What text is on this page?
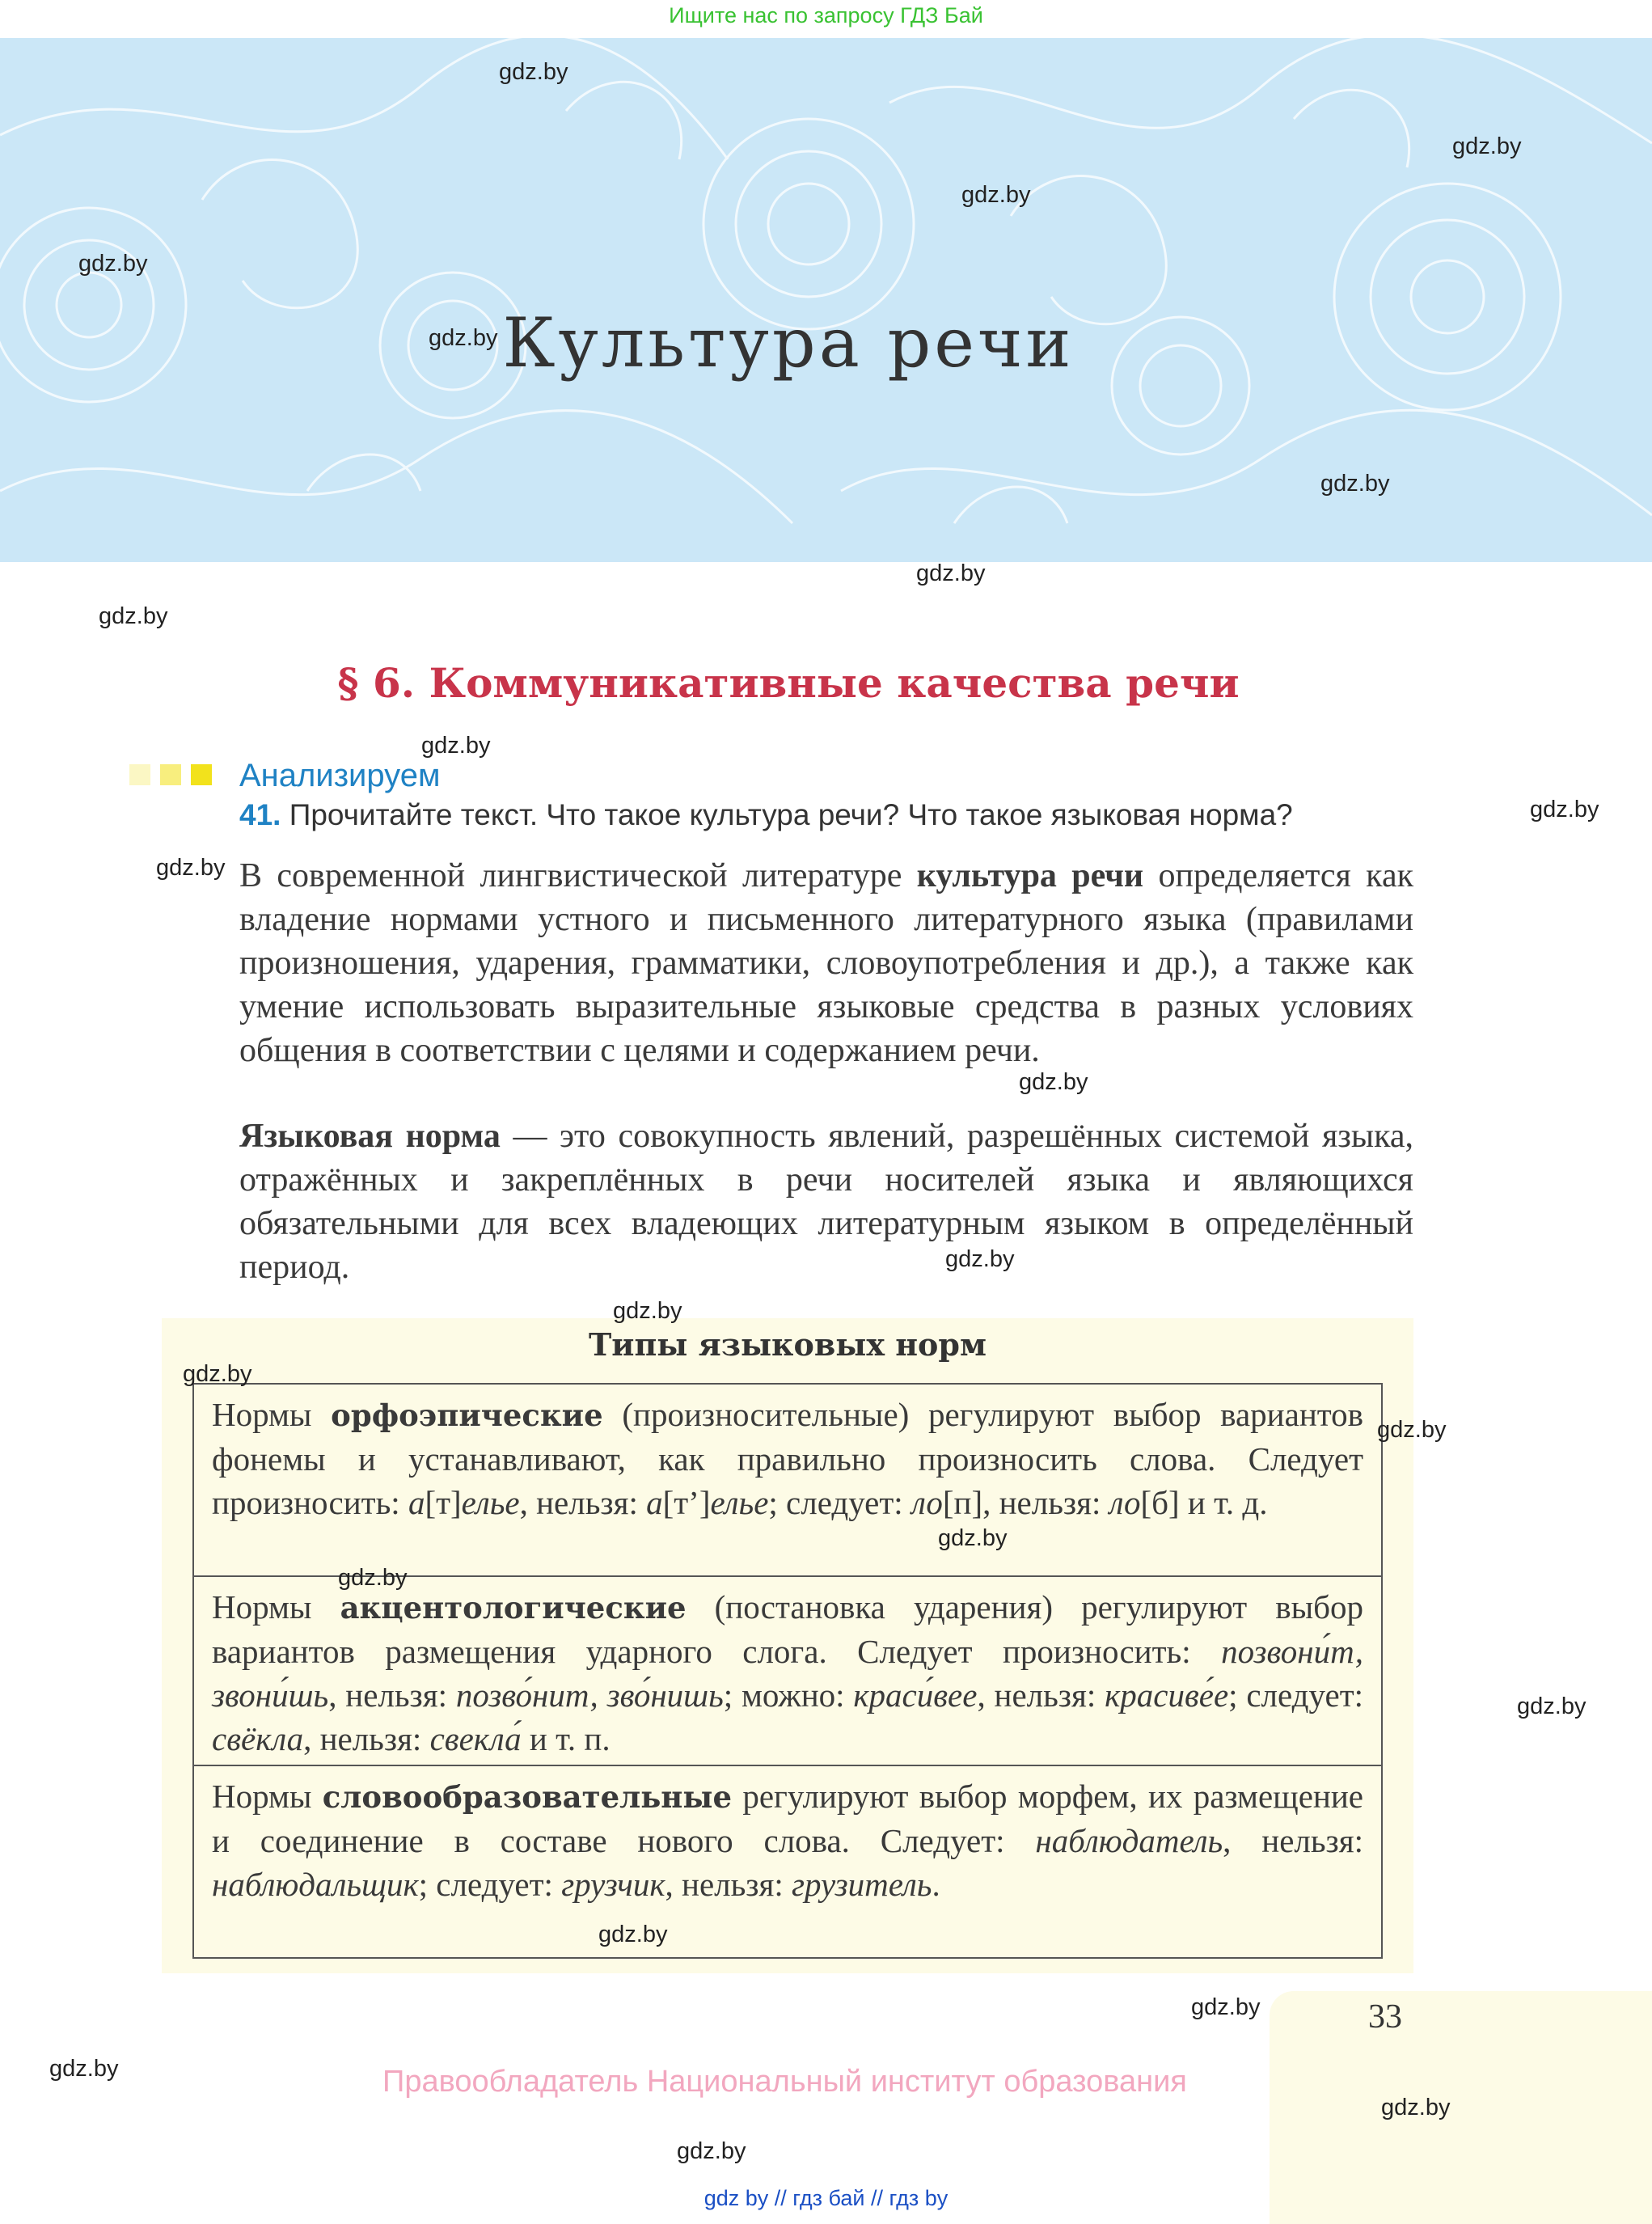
Ищите нас по запросу ГДЗ Бай
Культура речи
§ 6. Коммуникативные качества речи
Анализируем
41. Прочитайте текст. Что такое культура речи? Что такое языковая норма?
В современной лингвистической литературе культура речи определяется как владение нормами устного и письменного литературного языка (правилами произношения, ударения, грамматики, словоупотребления и др.), а также как умение использовать выразительные языковые средства в разных условиях общения в соответствии с целями и содержанием речи.
Языковая норма — это совокупность явлений, разрешённых системой языка, отражённых и закреплённых в речи носителей языка и являющихся обязательными для всех владеющих литературным языком в определённый период.
Типы языковых норм
Нормы орфоэпические (произносительные) регулируют выбор вариантов фонемы и устанавливают, как правильно произносить слова. Следует произносить: а[т]елье, нельзя: а[т’]елье; следует: ло[п], нельзя: ло[б] и т. д.
Нормы акцентологические (постановка ударения) регулируют выбор вариантов размещения ударного слога. Следует произносить: позвони́т, звони́шь, нельзя: позво́нит, зво́нишь; можно: краси́вее, нельзя: красиве́е; следует: свёкла, нельзя: свекла́ и т. п.
Нормы словообразовательные регулируют выбор морфем, их размещение и соединение в составе нового слова. Следует: наблюдатель, нельзя: наблюдальщик; следует: грузчик, нельзя: грузитель.
33
Правообладатель Национальный институт образования
gdz.by
gdz.by
gdz.by
gdz.by
gdz.by
gdz.by
gdz.by
gdz.by
gdz.by
gdz.by
gdz.by
gdz.by
gdz.by
gdz.by
gdz.by
gdz.by
gdz.by
gdz.by
gdz.by
gdz.by
gdz.by
gdz.by
gdz.by
gdz.by
gdz by // гдз бай // гдз by
